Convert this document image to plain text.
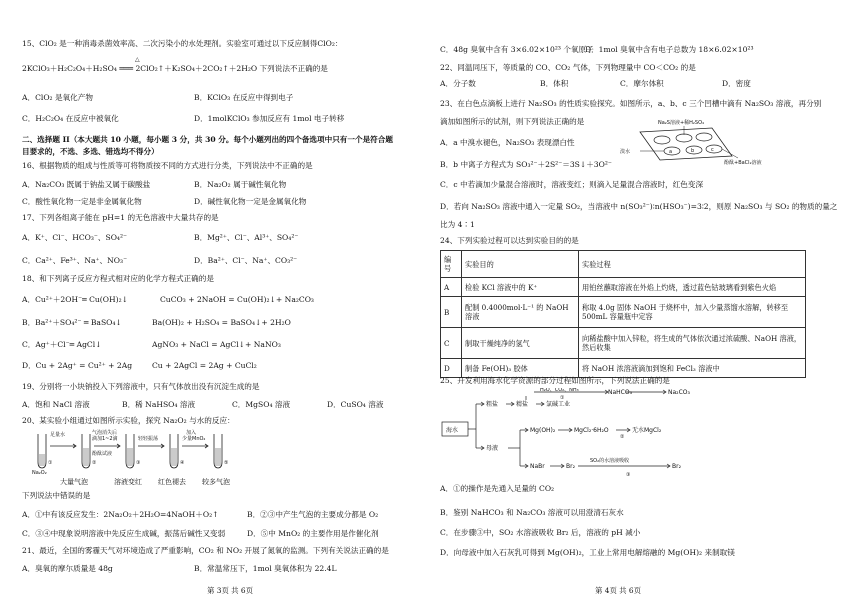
15、ClO₂ 是一种消毒杀菌效率高、二次污染小的水处理剂。实验室可通过以下反应制得ClO₂：
△
2KClO₃＋H₂C₂O₄＋H₂SO₄ ═══ 2ClO₂↑＋K₂SO₄＋2CO₂↑＋2H₂O 下列说法不正确的是
A．ClO₂ 是氧化产物	B．KClO₃ 在反应中得到电子
C．H₂C₂O₄ 在反应中被氧化	D．1molKClO₃ 参加反应有 1mol 电子转移
二、选择题 II（本大题共 10 小题，每小题 3 分，共 30 分。每个小题列出的四个备选项中只有一个是符合题
目要求的，不选、多选、错选均不得分）
16、根据物质的组成与性质等可将物质按不同的方式进行分类，下列说法中不正确的是
A．Na₂CO₃ 既属于钠盐又属于碳酸盐	B．Na₂O₂ 属于碱性氧化物
C．酸性氧化物一定是非金属氧化物	D．碱性氧化物一定是金属氧化物
17、下列各组离子能在 pH=1 的无色溶液中大量共存的是
A．K⁺、Cl⁻、HCO₃⁻、SO₄²⁻	B．Mg²⁺、Cl⁻、Al³⁺、SO₄²⁻
C．Ca²⁺、Fe³⁺、Na⁺、NO₃⁻	D．Ba²⁺、Cl⁻、Na⁺、CO₃²⁻
18、和下列离子反应方程式相对应的化学方程式正确的是
A．Cu²⁺＋2OH⁻═ Cu(OH)₂↓	CuCO₃ + 2NaOH = Cu(OH)₂↓+ Na₂CO₃
B．Ba²⁺＋SO₄²⁻ ═ BaSO₄↓	Ba(OH)₂ + H₂SO₄ = BaSO₄↓+ 2H₂O
C．Ag⁺＋Cl⁻═ AgCl↓	AgNO₃ + NaCl = AgCl↓+ NaNO₃
D．Cu + 2Ag⁺ = Cu²⁺ + 2Ag	Cu + 2AgCl = 2Ag + CuCl₂
19、分别将一小块钠投入下列溶液中，只有气体放出没有沉淀生成的是
A．饱和 NaCl 溶液	B．稀 NaHSO₄ 溶液	C．MgSO₄ 溶液	D．CuSO₄ 溶液
20、某实验小组通过如图所示实验，探究 Na₂O₂ 与水的反应：
足量水	气泡消失后
滴加1~2滴
酚酞试液
轻轻振荡
加入
少量MnO₂
Na₂O₂
①	②	③	④	⑤
大量气泡	溶液变红 红色褪去 较多气泡
下列说法中错误的是
A．①中有该反应发生：2Na₂O₂＋2H₂O=4NaOH＋O₂↑	B．②③中产生气泡的主要成分都是 O₂
C．③④中现象说明溶液中先反应生成碱，振荡后碱性又变弱	D．⑤中 MnO₂ 的主要作用是作催化剂
21、最近，全国的雾霾天气对环境造成了严重影响，CO₂ 和 NO₂ 开展了氮氧的监测。下列有关说法正确的是
A．臭氧的摩尔质量是 48g	B．常温常压下，1mol 臭氧体积为 22.4L
第 3页 共 6页
C．48g 臭氧中含有 3×6.02×10²³ 个氧原子
D．1mol 臭氧中含有电子总数为 18×6.02×10²³
22、同温同压下，等质量的 CO、CO₂ 气体，下列物理量中 CO＜CO₂ 的是
A．分子数	B．体积	C．摩尔体积	D．密度
23、在白色点滴板上进行 Na₂SO₃ 的性质实验探究。如图所示，a、b、c 三个凹槽中滴有 Na₂SO₃ 溶液，再分别
滴加如图所示的试剂，则下列说法正确的是
A．a 中溴水褪色，Na₂SO₃ 表现漂白性
B．b 中离子方程式为 SO₃²⁻＋2S²⁻＝3S↓＋3O²⁻
C．c 中若滴加少量混合溶液时，溶液变红；则滴入足量混合溶液时，红色变深
Na₂S溶液+稀H₂SO₄
溴水
酚酞+BaCl₂溶液
a	b	c
D．若向 Na₂SO₃ 溶液中通入一定量 SO₂，当溶液中 n(SO₃²⁻)∶n(HSO₃⁻)=3∶2，则原 Na₂SO₃ 与 SO₂ 的物质的量之
比为 4∶1
24、下列实验过程可以达到实验目的的是
编号	实验目的	实验过程
A	检验 KCl 溶液中的 K⁺	用铂丝蘸取溶液在外焰上灼烧，透过蓝色钴玻璃看到紫色火焰
B	配制 0.4000mol·L⁻¹ 的 NaOH 溶液	称取 4.0g 固体 NaOH 于烧杯中，加入少量蒸馏水溶解，转移至 500mL 容量瓶中定容
C	制取干燥纯净的氢气	向稀盐酸中加入锌粒，将生成的气体依次通过浓硫酸、NaOH 溶液，然后收集
D	制备 Fe(OH)₃ 胶体	将 NaOH 浓溶液滴加到饱和 FeCl₃ 溶液中
25、开发利用海水化学资源的部分过程如图所示，下列说法正确的是
海水
粗盐	精盐	氯碱工业
H₂O、CO₂、NH₃
①
NaHCO₃	Na₂CO₃
母液
Mg(OH)₂	MgCl₂·6H₂O
②
无水MgCl₂
NaBr	Br₂
SO₂的水溶液吸收
③
Br₂
A．①的操作是先通入足量的 CO₂
B．鉴别 NaHCO₃ 和 Na₂CO₃ 溶液可以用澄清石灰水
C．在步骤③中，SO₂ 水溶液吸收 Br₂ 后，溶液的 pH 减小
D．向母液中加入石灰乳可得到 Mg(OH)₂，工业上常用电解熔融的 Mg(OH)₂ 来制取镁
第 4页 共 6页
